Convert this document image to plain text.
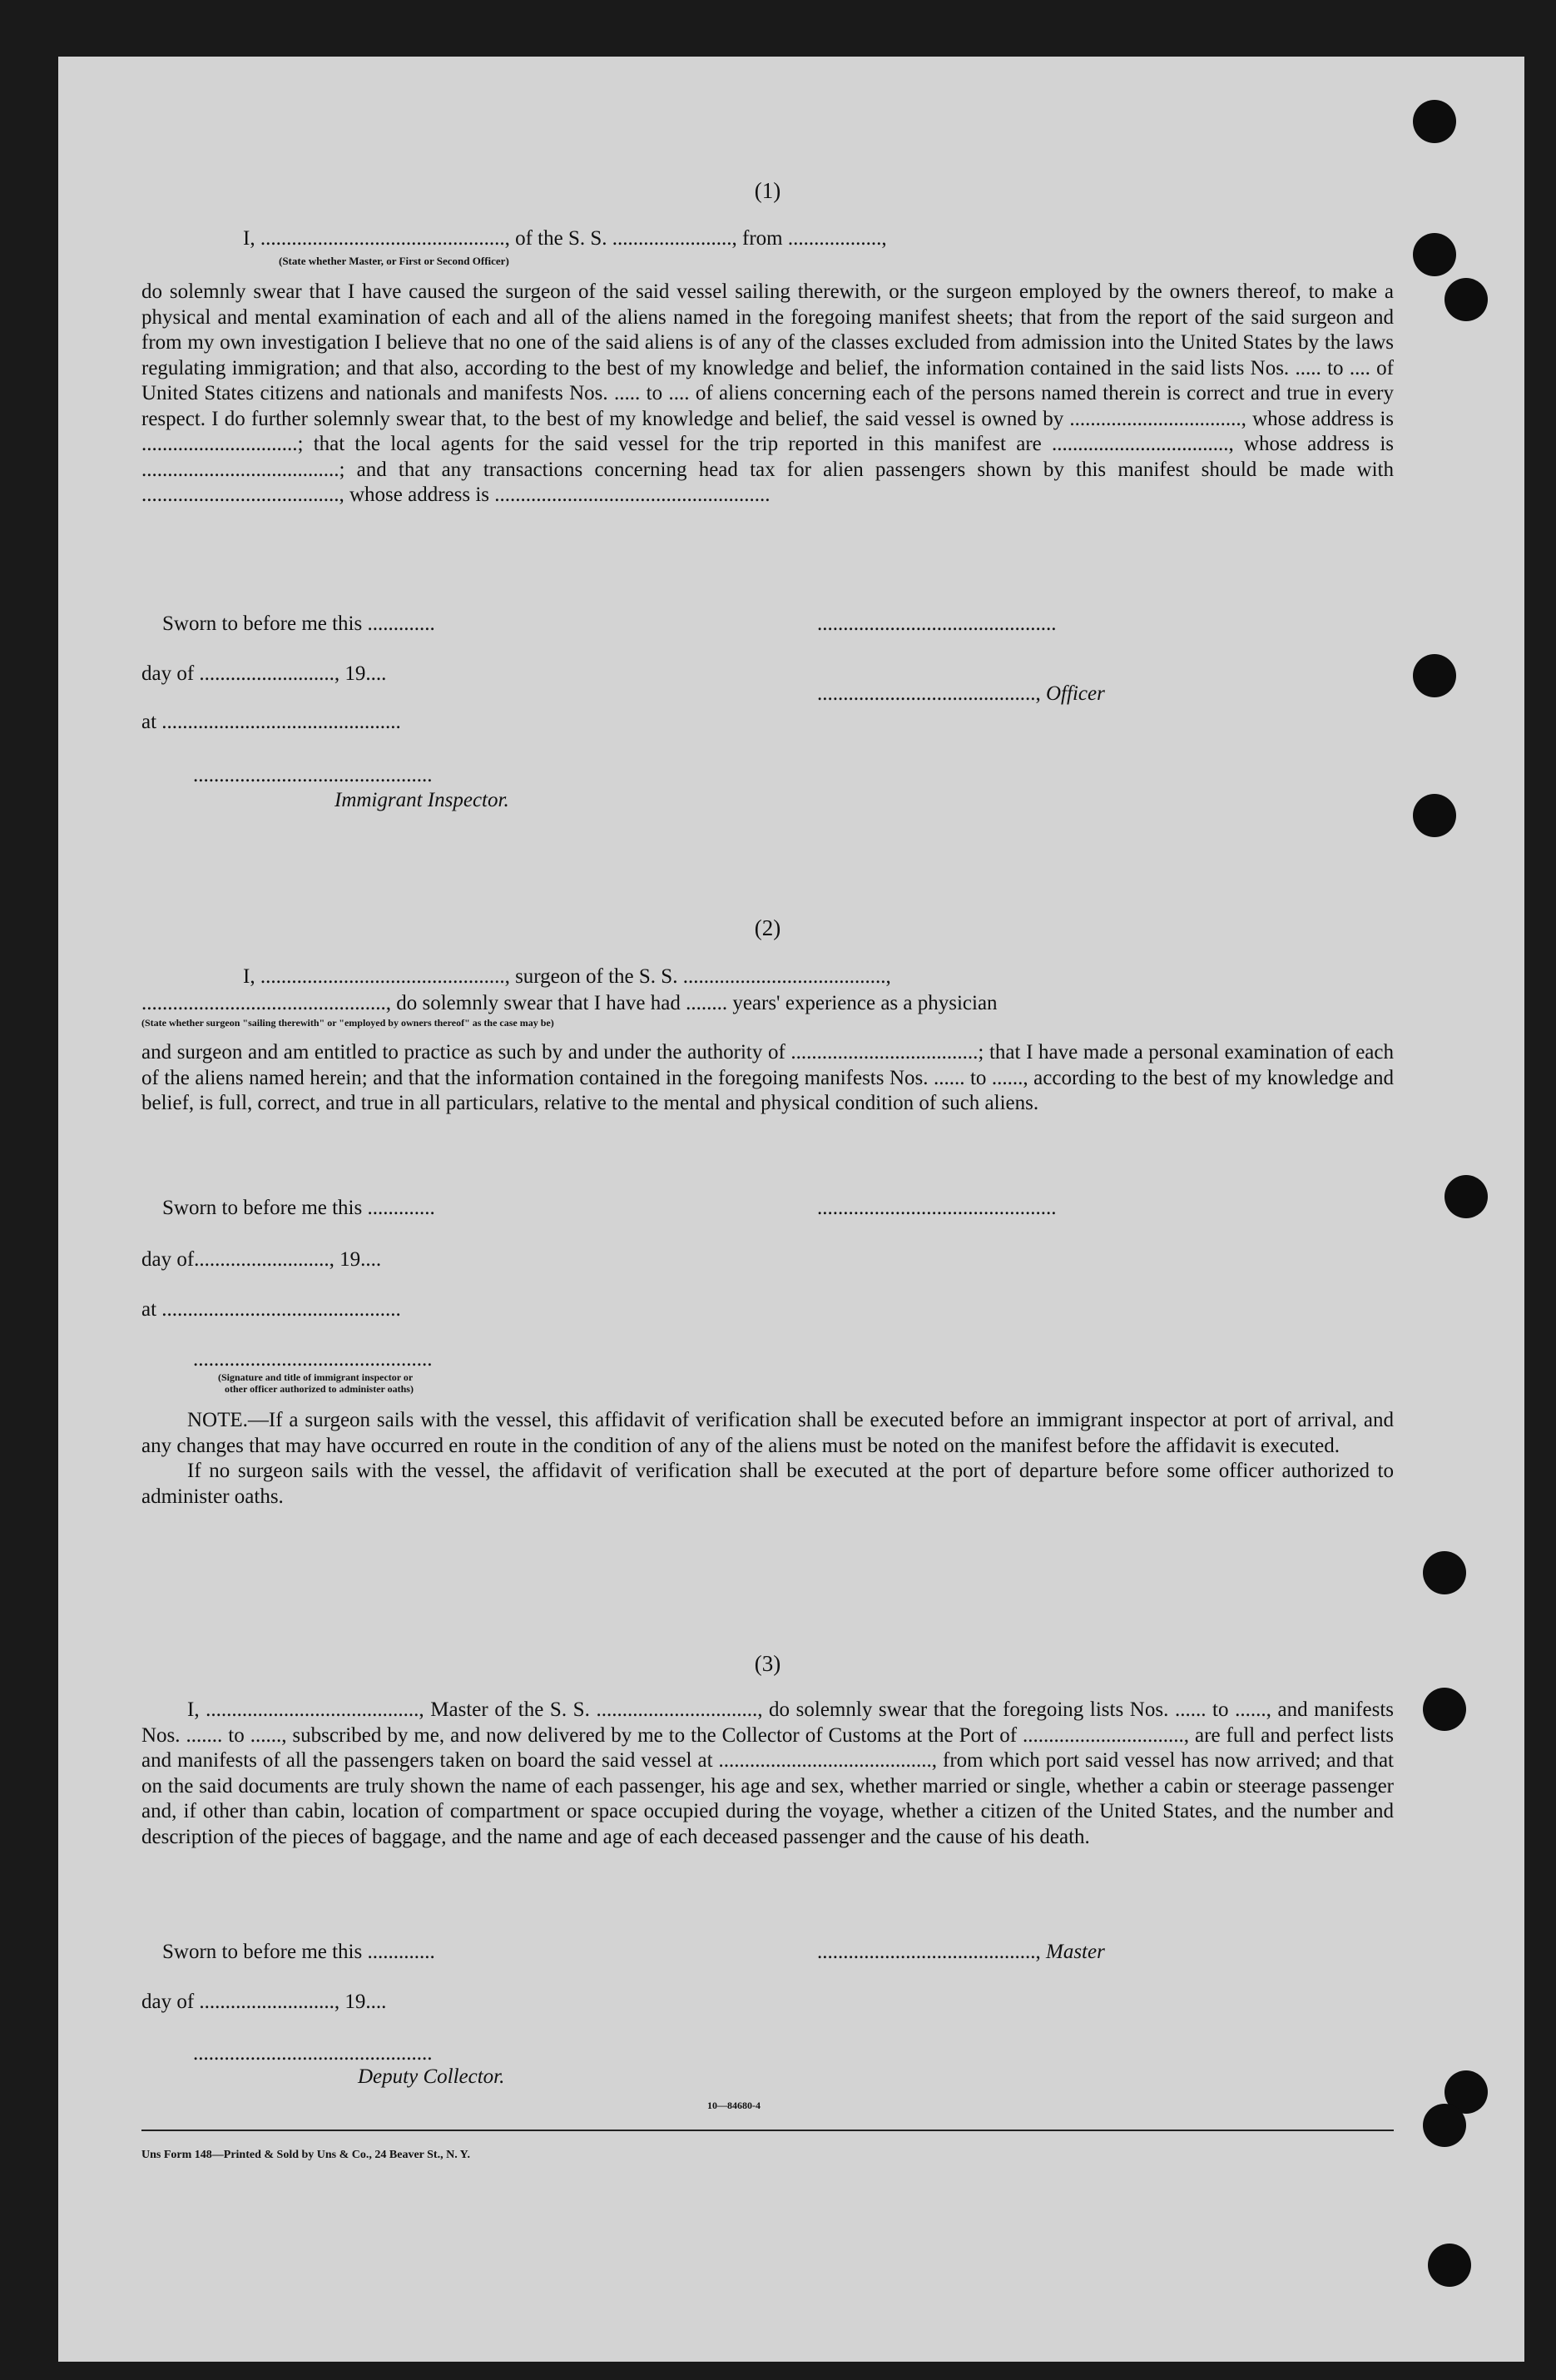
(1)
I, ..............................................., of the S. S. ......................., from ..................,
(State whether Master, or First or Second Officer)

do solemnly swear that I have caused the surgeon of the said vessel sailing therewith, or the surgeon employed by the owners thereof, to make a physical and mental examination of each and all of the aliens named in the foregoing manifest sheets; that from the report of the said surgeon and from my own investigation I believe that no one of the said aliens is of any of the classes excluded from admission into the United States by the laws regulating immigration; and that also, according to the best of my knowledge and belief, the information contained in the said lists Nos. ..... to .... of United States citizens and nationals and manifests Nos. ..... to .... of aliens concerning each of the persons named therein is correct and true in every respect. I do further solemnly swear that, to the best of my knowledge and belief, the said vessel is owned by ................................., whose address is ..............................; that the local agents for the said vessel for the trip reported in this manifest are .................................., whose address is ......................................; and that any transactions concerning head tax for alien passengers shown by this manifest should be made with ......................................, whose address is .....................................................

Sworn to before me this .............	..............................................
day of .........................., 19....
.........................................., Officer
at ..............................................
..............................................
Immigrant Inspector.
(2)
I, ..............................................., surgeon of the S. S. .......................................,
..............................................., do solemnly swear that I have had ........ years' experience as a physician
(State whether surgeon "sailing therewith" or "employed by owners thereof" as the case may be)

and surgeon and am entitled to practice as such by and under the authority of ....................................; that I have made a personal examination of each of the aliens named herein; and that the information contained in the foregoing manifests Nos. ...... to ......, according to the best of my knowledge and belief, is full, correct, and true in all particulars, relative to the mental and physical condition of such aliens.

Sworn to before me this .............	..............................................
day of.........................., 19....
at ..............................................
..............................................
(Signature and title of immigrant inspector or
other officer authorized to administer oaths)

NOTE.—If a surgeon sails with the vessel, this affidavit of verification shall be executed before an immigrant inspector at port of arrival, and any changes that may have occurred en route in the condition of any of the aliens must be noted on the manifest before the affidavit is executed.

If no surgeon sails with the vessel, the affidavit of verification shall be executed at the port of departure before some officer authorized to administer oaths.

(3)

I, ........................................., Master of the S. S. ..............................., do solemnly swear that the foregoing lists Nos. ...... to ......, and manifests Nos. ....... to ......, subscribed by me, and now delivered by me to the Collector of Customs at the Port of ..............................., are full and perfect lists and manifests of all the passengers taken on board the said vessel at ........................................., from which port said vessel has now arrived; and that on the said documents are truly shown the name of each passenger, his age and sex, whether married or single, whether a cabin or steerage passenger and, if other than cabin, location of compartment or space occupied during the voyage, whether a citizen of the United States, and the number and description of the pieces of baggage, and the name and age of each deceased passenger and the cause of his death.

Sworn to before me this .............	.........................................., Master
day of .........................., 19....
..............................................
Deputy Collector.
10—84680-4
Uns Form 148—Printed & Sold by Uns & Co., 24 Beaver St., N. Y.
